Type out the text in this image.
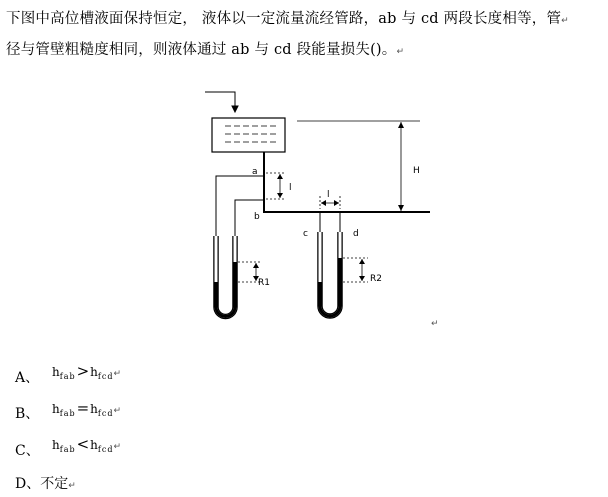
下图中高位槽液面保持恒定， 液体以一定流量流经管路，ab 与 cd 两段长度相等，管↵
径与管壁粗糙度相同，则液体通过 ab 与 cd 段能量损失()。↵
H
l
a
b
R1
l
c	d
R2
↵
A、	$h_{fab}>h_{fcd}↵$
B、	$h_{fab}=h_{fcd}↵$
C、	$h_{fab}<h_{fcd}↵$
D、不定↵
